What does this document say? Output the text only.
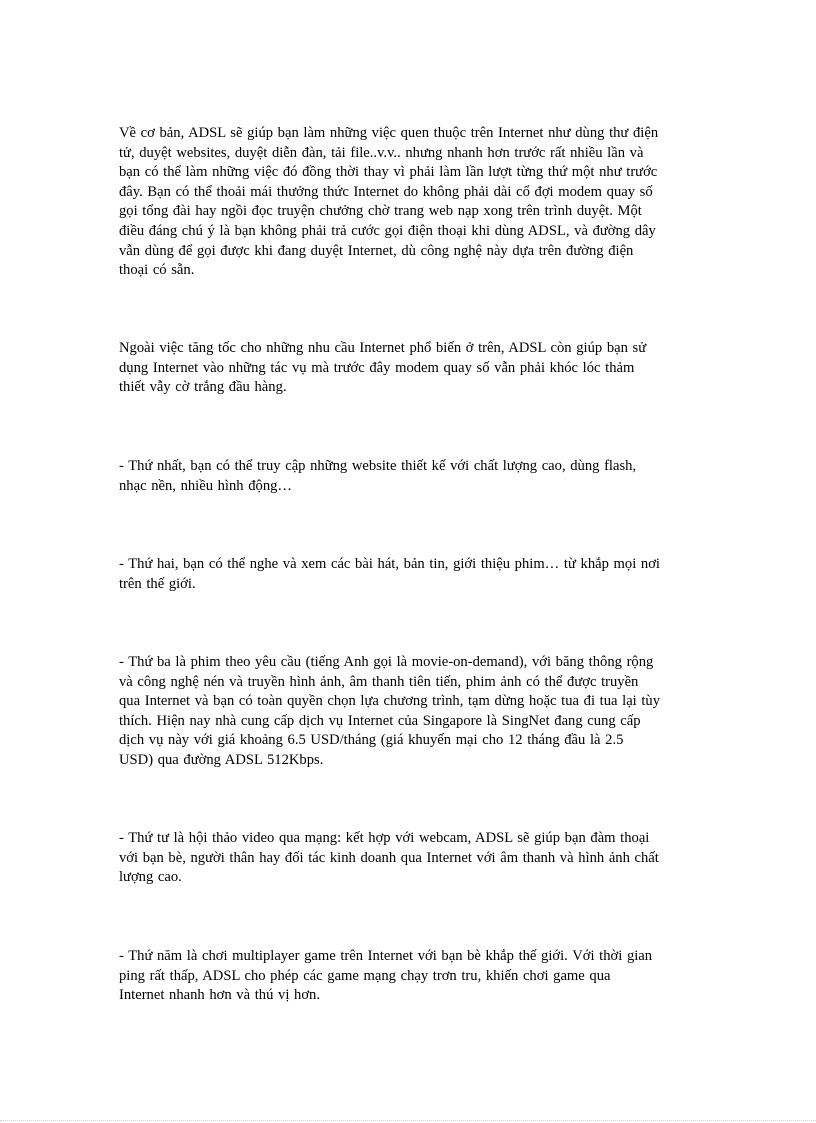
Về cơ bản, ADSL sẽ giúp bạn làm những việc quen thuộc trên Internet như dùng thư điện
tử, duyệt websites, duyệt diễn đàn, tải file..v.v.. nhưng nhanh hơn trước rất nhiều lần và
bạn có thể làm những việc đó đồng thời thay vì phải làm lần lượt từng thứ một như trước
đây. Bạn có thể thoải mái thưởng thức Internet do không phải dài cổ đợi modem quay số
gọi tổng đài hay ngồi đọc truyện chưởng chờ trang web nạp xong trên trình duyệt. Một
điều đáng chú ý là bạn không phải trả cước gọi điện thoại khi dùng ADSL, và đường dây
vẫn dùng để gọi được khi đang duyệt Internet, dù công nghệ này dựa trên đường điện
thoại có sẵn.

Ngoài việc tăng tốc cho những nhu cầu Internet phổ biến ở trên, ADSL còn giúp bạn sử
dụng Internet vào những tác vụ mà trước đây modem quay số vẫn phải khóc lóc thảm
thiết vẫy cờ trắng đầu hàng.

- Thứ nhất, bạn có thể truy cập những website thiết kế với chất lượng cao, dùng flash,
nhạc nền, nhiều hình động…

- Thứ hai, bạn có thể nghe và xem các bài hát, bản tin, giới thiệu phim… từ khắp mọi nơi
trên thế giới.

- Thứ ba là phim theo yêu cầu (tiếng Anh gọi là movie-on-demand), với băng thông rộng
và công nghệ nén và truyền hình ảnh, âm thanh tiên tiến, phim ảnh có thể được truyền
qua Internet và bạn có toàn quyền chọn lựa chương trình, tạm dừng hoặc tua đi tua lại tùy
thích. Hiện nay nhà cung cấp dịch vụ Internet của Singapore là SingNet đang cung cấp
dịch vụ này với giá khoảng 6.5 USD/tháng (giá khuyến mại cho 12 tháng đầu là 2.5
USD) qua đường ADSL 512Kbps.

- Thứ tư là hội thảo video qua mạng: kết hợp với webcam, ADSL sẽ giúp bạn đàm thoại
với bạn bè, người thân hay đối tác kinh doanh qua Internet với âm thanh và hình ảnh chất
lượng cao.

- Thứ năm là chơi multiplayer game trên Internet với bạn bè khắp thế giới. Với thời gian
ping rất thấp, ADSL cho phép các game mạng chạy trơn tru, khiến chơi game qua
Internet nhanh hơn và thú vị hơn.
